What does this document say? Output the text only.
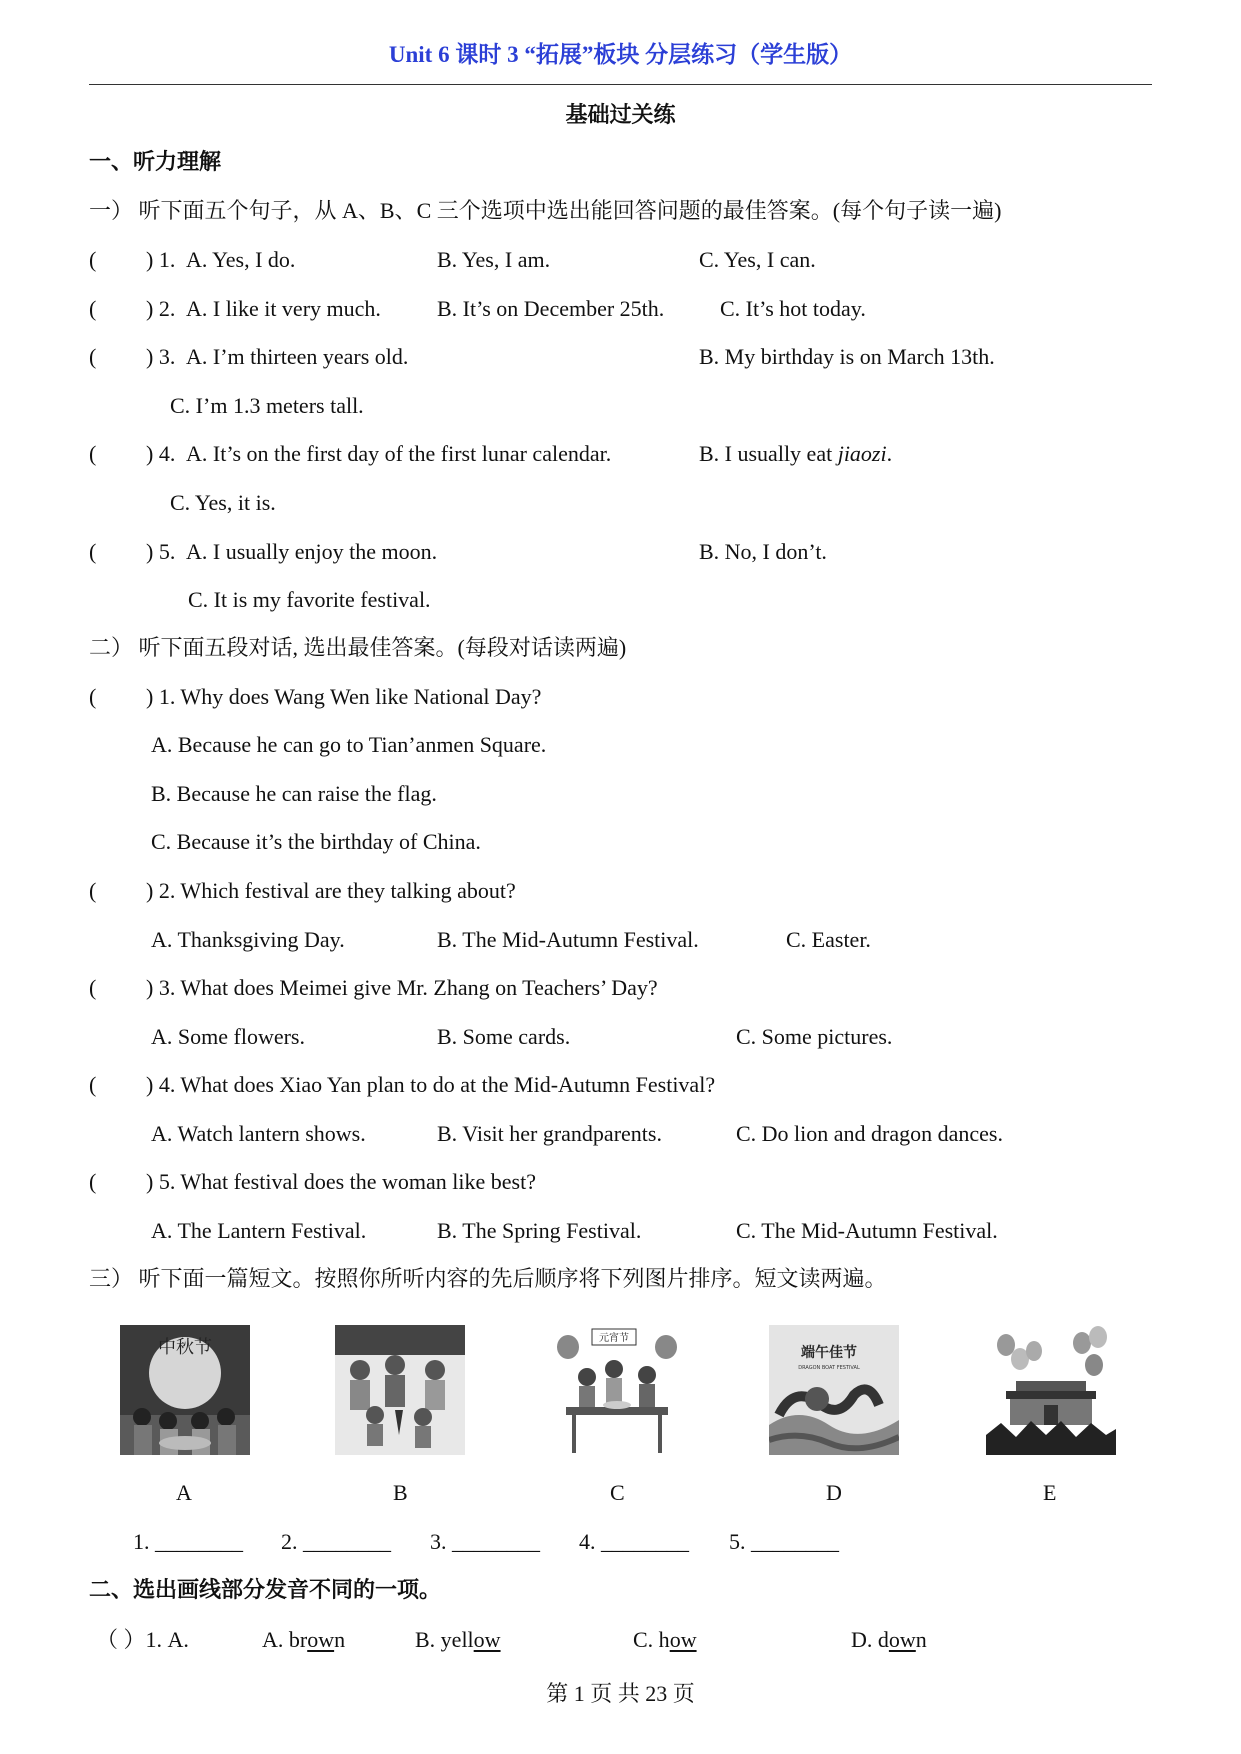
Unit 6 课时 3 “拓展”板块 分层练习（学生版）
基础过关练
一、听力理解
一） 听下面五个句子，从 A、B、C 三个选项中选出能回答问题的最佳答案。(每个句子读一遍)
( ) 1. A. Yes, I do.	B. Yes, I am.	C. Yes, I can.
( ) 2. A. I like it very much.	B. It’s on December 25th.	C. It’s hot today.
( ) 3. A. I’m thirteen years old.	B. My birthday is on March 13th.
C. I’m 1.3 meters tall.
( ) 4. A. It’s on the first day of the first lunar calendar.	B. I usually eat jiaozi.
C. Yes, it is.
( ) 5. A. I usually enjoy the moon.	B. No, I don’t.
C. It is my favorite festival.
二） 听下面五段对话, 选出最佳答案。(每段对话读两遍)
( ) 1. Why does Wang Wen like National Day?
A. Because he can go to Tian’anmen Square.
B. Because he can raise the flag.
C. Because it’s the birthday of China.
( ) 2. Which festival are they talking about?
A. Thanksgiving Day.	B. The Mid-Autumn Festival.	C. Easter.
( ) 3. What does Meimei give Mr. Zhang on Teachers’ Day?
A. Some flowers.	B. Some cards.	C. Some pictures.
( ) 4. What does Xiao Yan plan to do at the Mid-Autumn Festival?
A. Watch lantern shows.	B. Visit her grandparents.	C. Do lion and dragon dances.
( ) 5. What festival does the woman like best?
A. The Lantern Festival.	B. The Spring Festival.	C. The Mid-Autumn Festival.
三） 听下面一篇短文。按照你所听内容的先后顺序将下列图片排序。短文读两遍。
中秋节
A	B
元宵节
C
端午佳节
DRAGON BOAT FESTIVAL
D	E
1. ________ 2. ________ 3. ________ 4. ________ 5. ________
二、选出画线部分发音不同的一项。
（ ）1. A.	A. brown	B. yellow	C. how	D. down
第 1 页 共 23 页
